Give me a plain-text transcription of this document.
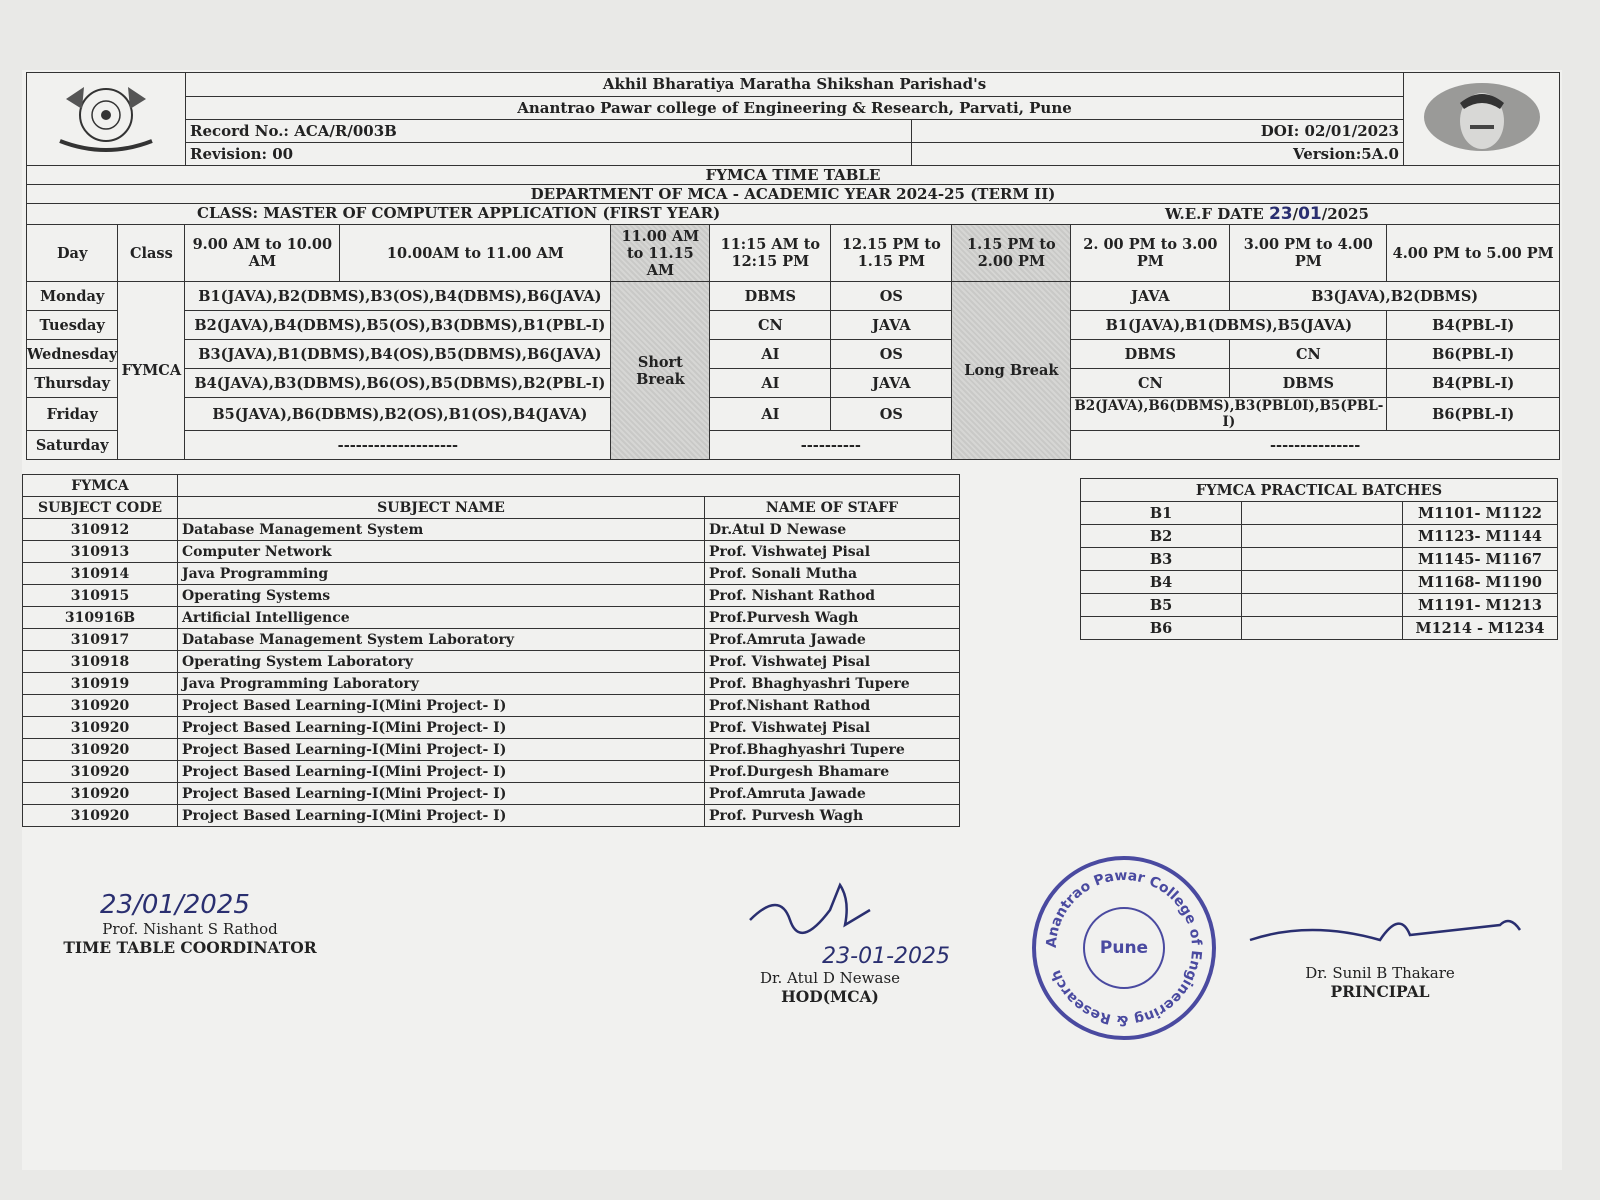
	Akhil Bharatiya Maratha Shikshan Parishad's	
	Anantrao Pawar college of Engineering & Research, Parvati, Pune		
	Record No.: ACA/R/003B	DOI: 02/01/2023	
	Revision: 00	Version:5A.0	
FYMCA TIME TABLE			
DEPARTMENT OF MCA - ACADEMIC YEAR 2024-25 (TERM II)			
CLASS: MASTER OF COMPUTER APPLICATION (FIRST YEAR) W.E.F DATE 23/01/2025			
Day	Class	9.00 AM to 10.00 AM	10.00AM to 11.00 AM	11.00 AM to 11.15 AM	11:15 AM to 12:15 PM	12.15 PM to 1.15 PM	1.15 PM to 2.00 PM	2. 00 PM to 3.00 PM	3.00 PM to 4.00 PM	4.00 PM to 5.00 PM
Monday	FYMCA	B1(JAVA),B2(DBMS),B3(OS),B4(DBMS),B6(JAVA)		Short Break	DBMS	OS	Long Break	JAVA	B3(JAVA),B2(DBMS)	
Tuesday		B2(JAVA),B4(DBMS),B5(OS),B3(DBMS),B1(PBL-I)			CN	JAVA		B1(JAVA),B1(DBMS),B5(JAVA)		B4(PBL-I)
Wednesday		B3(JAVA),B1(DBMS),B4(OS),B5(DBMS),B6(JAVA)			AI	OS		DBMS	CN	B6(PBL-I)
Thursday		B4(JAVA),B3(DBMS),B6(OS),B5(DBMS),B2(PBL-I)			AI	JAVA		CN	DBMS	B4(PBL-I)
Friday		B5(JAVA),B6(DBMS),B2(OS),B1(OS),B4(JAVA)			AI	OS		B2(JAVA),B6(DBMS),B3(PBL0I),B5(PBL-I)		B6(PBL-I)
Saturday		--------------------			----------			---------------		
FYMCA		
SUBJECT CODE	SUBJECT NAME	NAME OF STAFF
310912	Database Management System	Dr.Atul D Newase
310913	Computer Network	Prof. Vishwatej Pisal
310914	Java Programming	Prof. Sonali Mutha
310915	Operating Systems	Prof. Nishant Rathod
310916B	Artificial Intelligence	Prof.Purvesh Wagh
310917	Database Management System Laboratory	Prof.Amruta Jawade
310918	Operating System Laboratory	Prof. Vishwatej Pisal
310919	Java Programming Laboratory	Prof. Bhaghyashri Tupere
310920	Project Based Learning-I(Mini Project- I)	Prof.Nishant Rathod
310920	Project Based Learning-I(Mini Project- I)	Prof. Vishwatej Pisal
310920	Project Based Learning-I(Mini Project- I)	Prof.Bhaghyashri Tupere
310920	Project Based Learning-I(Mini Project- I)	Prof.Durgesh Bhamare
310920	Project Based Learning-I(Mini Project- I)	Prof.Amruta Jawade
310920	Project Based Learning-I(Mini Project- I)	Prof. Purvesh Wagh
FYMCA PRACTICAL BATCHES		
B1		M1101- M1122
B2		M1123- M1144
B3		M1145- M1167
B4		M1168- M1190
B5		M1191- M1213
B6		M1214 - M1234
23/01/2025
Prof. Nishant S Rathod
TIME TABLE COORDINATOR	23-01-2025
Dr. Atul D Newase
HOD(MCA)
Anantrao Pawar College of Engineering & Research
Pune
Dr. Sunil B Thakare
PRINCIPAL
